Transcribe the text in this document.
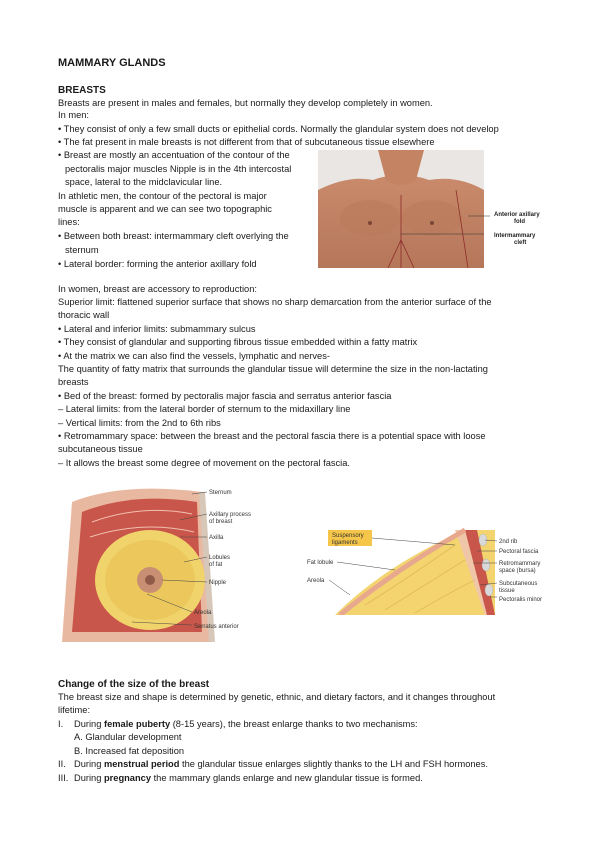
MAMMARY GLANDS
BREASTS
Breasts are present in males and females, but normally they develop completely in women.
In men:
• They consist of only a few small ducts or epithelial cords. Normally the glandular system does not develop
• The fat present in male breasts is not different from that of subcutaneous tissue elsewhere
• Breast are mostly an accentuation of the contour of the
pectoralis major muscles Nipple is in the 4th intercostal
space, lateral to the midclavicular line.
In athletic men, the contour of the pectoral is major
muscle is apparent and we can see two topographic
lines:
• Between both breast: intermammary cleft overlying the
sternum
• Lateral border: forming the anterior axillary fold
In women, breast are accessory to reproduction:
Superior limit: flattened superior surface that shows no sharp demarcation from the anterior surface of the
thoracic wall
• Lateral and inferior limits: submammary sulcus
• They consist of glandular and supporting fibrous tissue embedded within a fatty matrix
• At the matrix we can also find the vessels, lymphatic and nerves-
The quantity of fatty matrix that surrounds the glandular tissue will determine the size in the non-lactating
breasts
• Bed of the breast: formed by pectoralis major fascia and serratus anterior fascia
– Lateral limits: from the lateral border of sternum to the midaxillary line
– Vertical limits: from the 2nd to 6th ribs
• Retromammary space: between the breast and the pectoral fascia there is a potential space with loose
subcutaneous tissue
– It allows the breast some degree of movement on the pectoral fascia.
Change of the size of the breast
The breast size and shape is determined by genetic, ethnic, and dietary factors, and it changes throughout
lifetime:
I. During female puberty (8-15 years), the breast enlarge thanks to two mechanisms:
A. Glandular development
B. Increased fat deposition
II. During menstrual period the glandular tissue enlarges slightly thanks to the LH and FSH hormones.
III. During pregnancy the mammary glands enlarge and new glandular tissue is formed.
Anterior axillary
fold
Intermammary
cleft
Sternum
Axillary process
of breast
Axilla
Lobules
of fat
Nipple
Areola
Serratus anterior
Suspensory
ligaments
Fat lobule
Areola
2nd rib
Pectoral fascia
Retromammary
space (bursa)
Subcutaneous
tissue
Pectoralis minor
